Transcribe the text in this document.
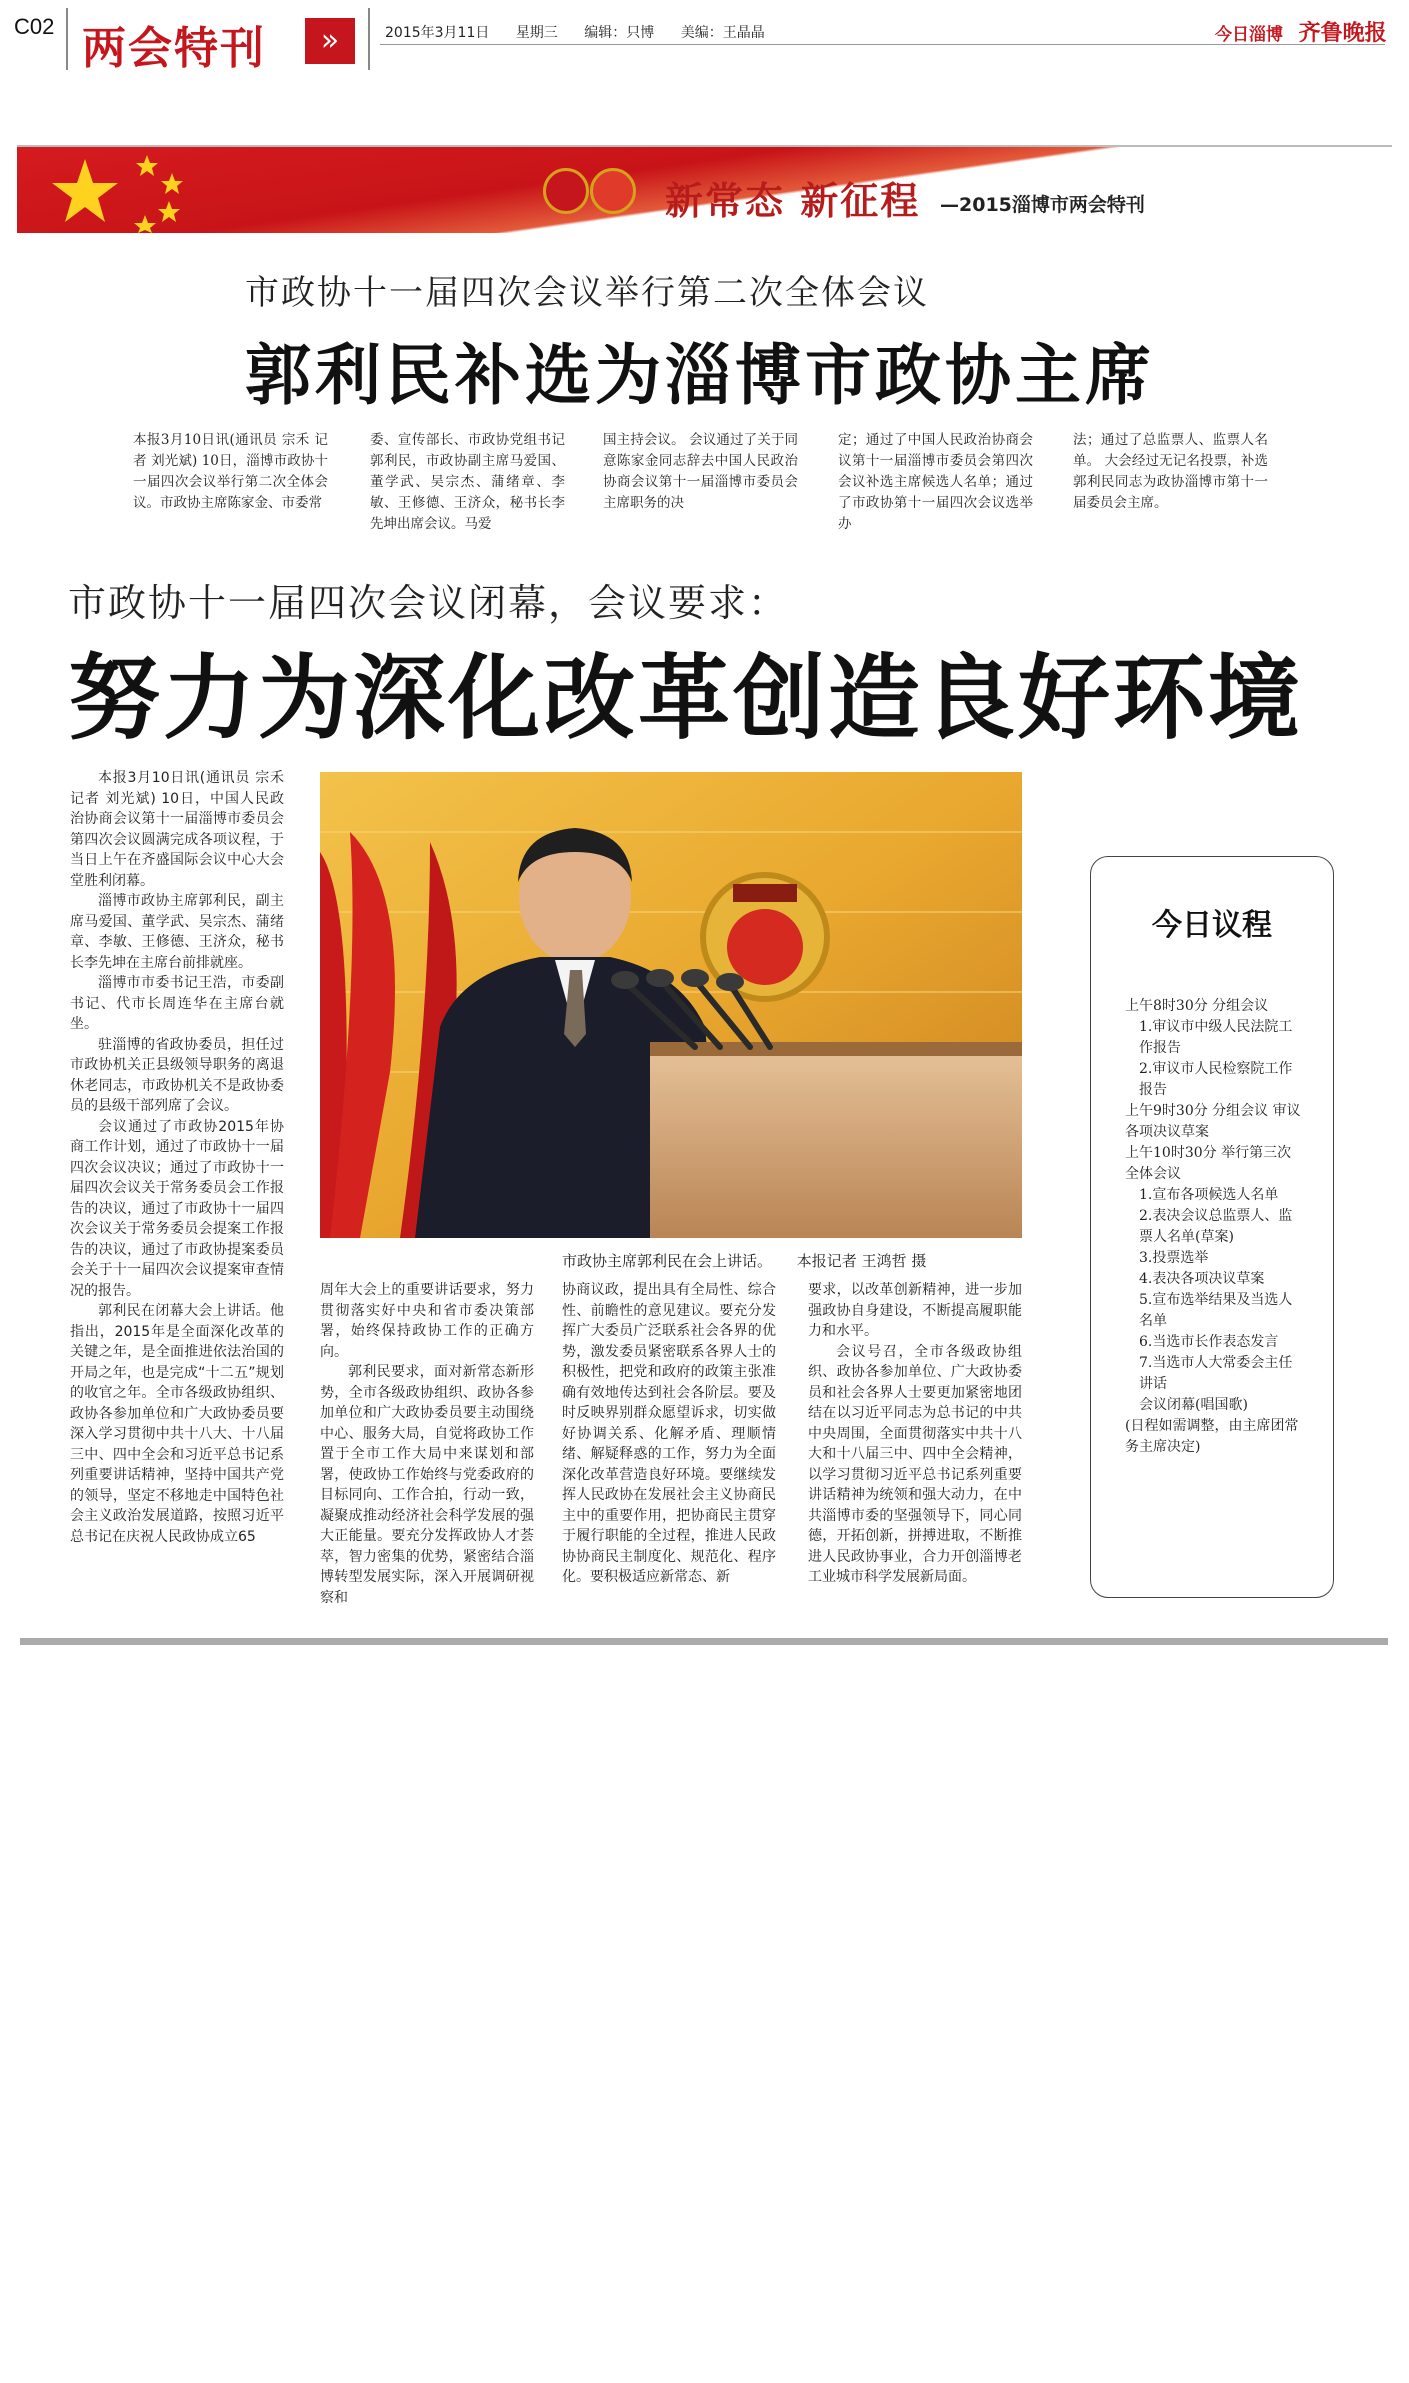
C02 两会特刊	»	2015年3月11日 星期三 编辑：只博 美编：王晶晶	今日淄博 齐鲁晚报
新常态 新征程 —2015淄博市两会特刊
市政协十一届四次会议举行第二次全体会议
郭利民补选为淄博市政协主席
本报3月10日讯(通讯员 宗禾 记者 刘光斌) 10日，淄博市政协十一届四次会议举行第二次全体会议。市政协主席陈家金、市委常
委、宣传部长、市政协党组书记郭利民，市政协副主席马爱国、董学武、吴宗杰、蒲绪章、李敏、王修德、王济众，秘书长李先坤出席会议。马爱
国主持会议。 会议通过了关于同意陈家金同志辞去中国人民政治协商会议第十一届淄博市委员会主席职务的决
定；通过了中国人民政治协商会议第十一届淄博市委员会第四次会议补选主席候选人名单；通过了市政协第十一届四次会议选举办
法；通过了总监票人、监票人名单。 大会经过无记名投票，补选郭利民同志为政协淄博市第十一届委员会主席。
市政协十一届四次会议闭幕，会议要求：
努力为深化改革创造良好环境

本报3月10日讯(通讯员 宗禾 记者 刘光斌) 10日，中国人民政治协商会议第十一届淄博市委员会第四次会议圆满完成各项议程，于当日上午在齐盛国际会议中心大会堂胜利闭幕。

淄博市政协主席郭利民，副主席马爱国、董学武、吴宗杰、蒲绪章、李敏、王修德、王济众，秘书长李先坤在主席台前排就座。

淄博市市委书记王浩，市委副书记、代市长周连华在主席台就坐。

驻淄博的省政协委员，担任过市政协机关正县级领导职务的离退休老同志，市政协机关不是政协委员的县级干部列席了会议。

会议通过了市政协2015年协商工作计划，通过了市政协十一届四次会议决议；通过了市政协十一届四次会议关于常务委员会工作报告的决议，通过了市政协十一届四次会议关于常务委员会提案工作报告的决议，通过了市政协提案委员会关于十一届四次会议提案审查情况的报告。

郭利民在闭幕大会上讲话。他指出，2015年是全面深化改革的关键之年，是全面推进依法治国的开局之年，也是完成“十二五”规划的收官之年。全市各级政协组织、政协各参加单位和广大政协委员要深入学习贯彻中共十八大、十八届三中、四中全会和习近平总书记系列重要讲话精神，坚持中国共产党的领导，坚定不移地走中国特色社会主义政治发展道路，按照习近平总书记在庆祝人民政协成立65

市政协主席郭利民在会上讲话。 本报记者 王鸿哲 摄

周年大会上的重要讲话要求，努力贯彻落实好中央和省市委决策部署，始终保持政协工作的正确方向。

郭利民要求，面对新常态新形势，全市各级政协组织、政协各参加单位和广大政协委员要主动围绕中心、服务大局，自觉将政协工作置于全市工作大局中来谋划和部署，使政协工作始终与党委政府的目标同向、工作合拍，行动一致，凝聚成推动经济社会科学发展的强大正能量。要充分发挥政协人才荟萃，智力密集的优势，紧密结合淄博转型发展实际，深入开展调研视察和

协商议政，提出具有全局性、综合性、前瞻性的意见建议。要充分发挥广大委员广泛联系社会各界的优势，激发委员紧密联系各界人士的积极性，把党和政府的政策主张准确有效地传达到社会各阶层。要及时反映界别群众愿望诉求，切实做好协调关系、化解矛盾、理顺情绪、解疑释惑的工作，努力为全面深化改革营造良好环境。要继续发挥人民政协在发展社会主义协商民主中的重要作用，把协商民主贯穿于履行职能的全过程，推进人民政协协商民主制度化、规范化、程序化。要积极适应新常态、新

要求，以改革创新精神，进一步加强政协自身建设，不断提高履职能力和水平。

会议号召，全市各级政协组织、政协各参加单位、广大政协委员和社会各界人士要更加紧密地团结在以习近平同志为总书记的中共中央周围，全面贯彻落实中共十八大和十八届三中、四中全会精神，以学习贯彻习近平总书记系列重要讲话精神为统领和强大动力，在中共淄博市委的坚强领导下，同心同德，开拓创新，拼搏进取，不断推进人民政协事业，合力开创淄博老工业城市科学发展新局面。

今日议程
上午8时30分 分组会议
1.审议市中级人民法院工作报告
2.审议市人民检察院工作报告
上午9时30分 分组会议 审议各项决议草案
上午10时30分 举行第三次全体会议
1.宣布各项候选人名单
2.表决会议总监票人、监票人名单(草案)
3.投票选举
4.表决各项决议草案
5.宣布选举结果及当选人名单
6.当选市长作表态发言
7.当选市人大常委会主任讲话
会议闭幕(唱国歌)
(日程如需调整，由主席团常务主席决定)
